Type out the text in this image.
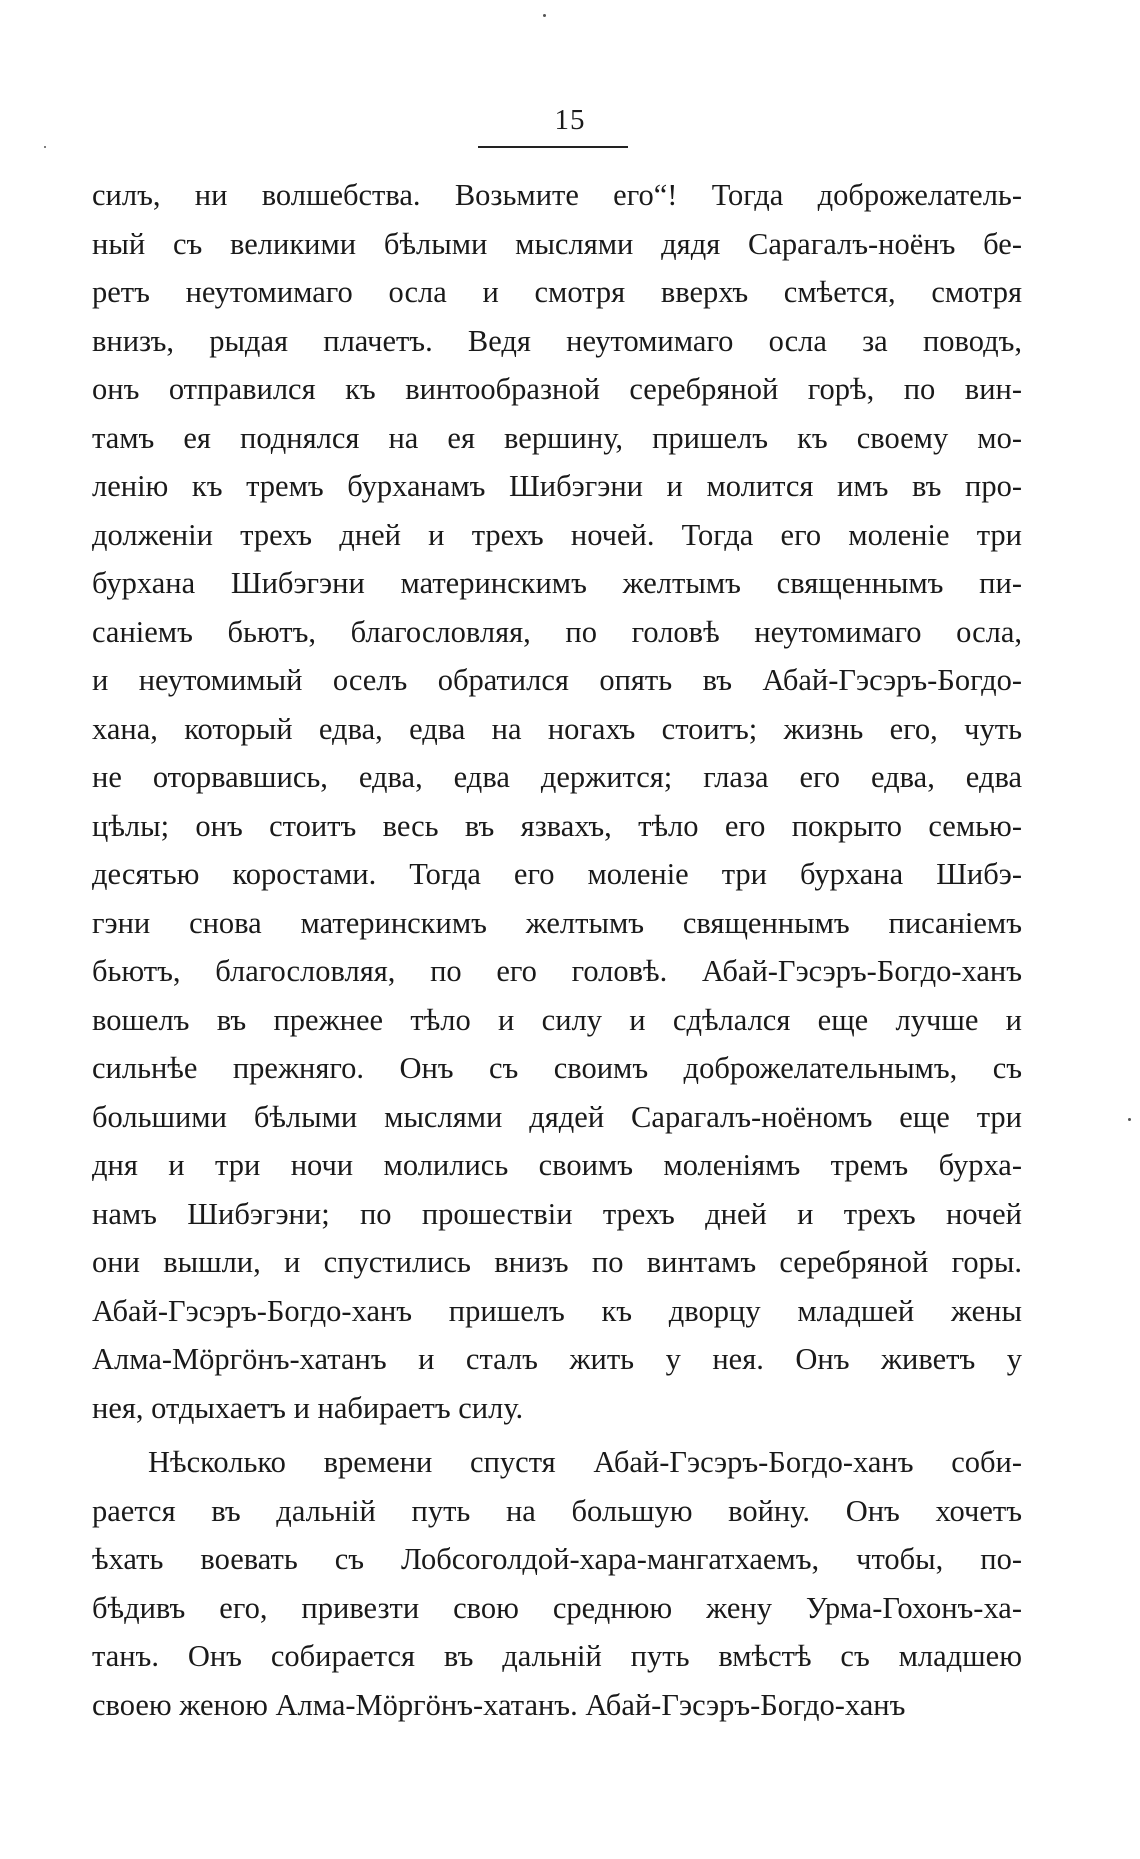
15
силъ, ни волшебства. Возьмите его“! Тогда доброжелатель-
ный съ великими бѣлыми мыслями дядя Сарагалъ-ноёнъ бе-
ретъ неутомимаго осла и смотря вверхъ смѣется, смотря
внизъ, рыдая плачетъ. Ведя неутомимаго осла за поводъ,
онъ отправился къ винтообразной серебряной горѣ, по вин-
тамъ ея поднялся на ея вершину, пришелъ къ своему мо-
ленію къ тремъ бурханамъ Шибэгэни и молится имъ въ про-
долженіи трехъ дней и трехъ ночей. Тогда его моленіе три
бурхана Шибэгэни материнскимъ желтымъ священнымъ пи-
саніемъ бьютъ, благословляя, по головѣ неутомимаго осла,
и неутомимый оселъ обратился опять въ Абай-Гэсэръ-Богдо-
хана, который едва, едва на ногахъ стоитъ; жизнь его, чуть
не оторвавшись, едва, едва держится; глаза его едва, едва
цѣлы; онъ стоитъ весь въ язвахъ, тѣло его покрыто семью-
десятью коростами. Тогда его моленіе три бурхана Шибэ-
гэни снова материнскимъ желтымъ священнымъ писаніемъ
бьютъ, благословляя, по его головѣ. Абай-Гэсэръ-Богдо-ханъ
вошелъ въ прежнее тѣло и силу и сдѣлался еще лучше и
сильнѣе прежняго. Онъ съ своимъ доброжелательнымъ, съ
большими бѣлыми мыслями дядей Сарагалъ-ноёномъ еще три
дня и три ночи молились своимъ моленіямъ тремъ бурха-
намъ Шибэгэни; по прошествіи трехъ дней и трехъ ночей
они вышли, и спустились внизъ по винтамъ серебряной горы.
Абай-Гэсэръ-Богдо-ханъ пришелъ къ дворцу младшей жены
Алма-Мöргöнъ-хатанъ и сталъ жить у нея. Онъ живетъ у
нея, отдыхаетъ и набираетъ силу.
Нѣсколько времени спустя Абай-Гэсэръ-Богдо-ханъ соби-
рается въ дальній путь на большую войну. Онъ хочетъ
ѣхать воевать съ Лобсоголдой-хара-мангатхаемъ, чтобы, по-
бѣдивъ его, привезти свою среднюю жену Урма-Гохонъ-ха-
танъ. Онъ собирается въ дальній путь вмѣстѣ съ младшею
своею женою Алма-Мöргöнъ-хатанъ. Абай-Гэсэръ-Богдо-ханъ
